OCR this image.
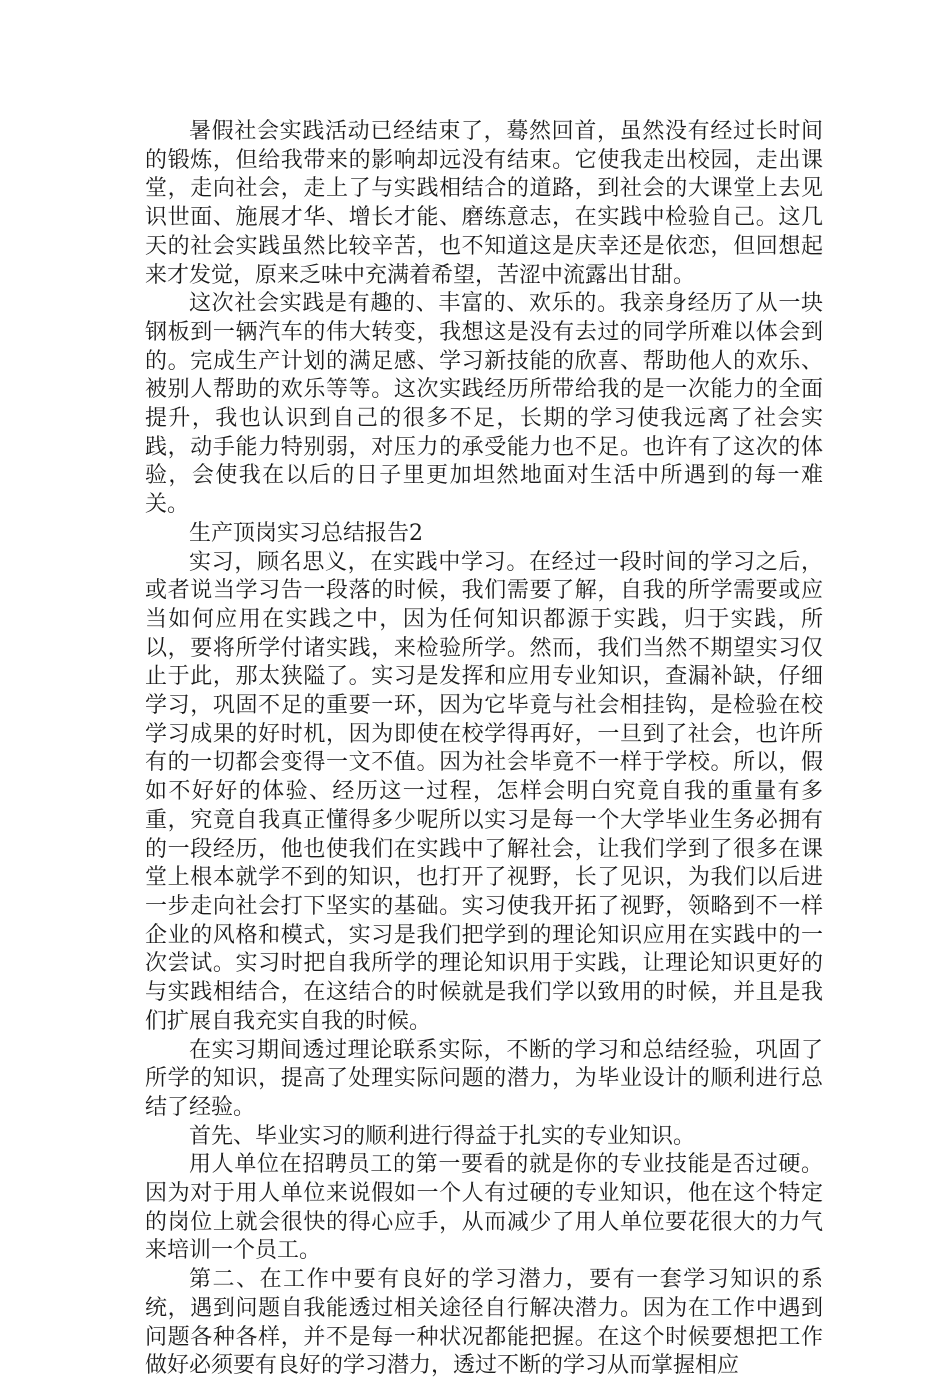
暑假社会实践活动已经结束了，蓦然回首，虽然没有经过长时间的锻炼，但给我带来的影响却远没有结束。它使我走出校园，走出课堂，走向社会，走上了与实践相结合的道路，到社会的大课堂上去见识世面、施展才华、增长才能、磨练意志，在实践中检验自己。这几天的社会实践虽然比较辛苦，也不知道这是庆幸还是依恋，但回想起来才发觉，原来乏味中充满着希望，苦涩中流露出甘甜。

这次社会实践是有趣的、丰富的、欢乐的。我亲身经历了从一块钢板到一辆汽车的伟大转变，我想这是没有去过的同学所难以体会到的。完成生产计划的满足感、学习新技能的欣喜、帮助他人的欢乐、被别人帮助的欢乐等等。这次实践经历所带给我的是一次能力的全面提升，我也认识到自己的很多不足，长期的学习使我远离了社会实践，动手能力特别弱，对压力的承受能力也不足。也许有了这次的体验，会使我在以后的日子里更加坦然地面对生活中所遇到的每一难关。

生产顶岗实习总结报告2

实习，顾名思义，在实践中学习。在经过一段时间的学习之后，或者说当学习告一段落的时候，我们需要了解，自我的所学需要或应当如何应用在实践之中，因为任何知识都源于实践，归于实践，所以，要将所学付诸实践，来检验所学。然而，我们当然不期望实习仅止于此，那太狭隘了。实习是发挥和应用专业知识，查漏补缺，仔细学习，巩固不足的重要一环，因为它毕竟与社会相挂钩，是检验在校学习成果的好时机，因为即使在校学得再好，一旦到了社会，也许所有的一切都会变得一文不值。因为社会毕竟不一样于学校。所以，假如不好好的体验、经历这一过程，怎样会明白究竟自我的重量有多重，究竟自我真正懂得多少呢所以实习是每一个大学毕业生务必拥有的一段经历，他也使我们在实践中了解社会，让我们学到了很多在课堂上根本就学不到的知识，也打开了视野，长了见识，为我们以后进一步走向社会打下坚实的基础。实习使我开拓了视野，领略到不一样企业的风格和模式，实习是我们把学到的理论知识应用在实践中的一次尝试。实习时把自我所学的理论知识用于实践，让理论知识更好的与实践相结合，在这结合的时候就是我们学以致用的时候，并且是我们扩展自我充实自我的时候。

在实习期间透过理论联系实际，不断的学习和总结经验，巩固了所学的知识，提高了处理实际问题的潜力，为毕业设计的顺利进行总结了经验。

首先、毕业实习的顺利进行得益于扎实的专业知识。

用人单位在招聘员工的第一要看的就是你的专业技能是否过硬。因为对于用人单位来说假如一个人有过硬的专业知识，他在这个特定的岗位上就会很快的得心应手，从而减少了用人单位要花很大的力气来培训一个员工。

第二、在工作中要有良好的学习潜力，要有一套学习知识的系统，遇到问题自我能透过相关途径自行解决潜力。因为在工作中遇到问题各种各样，并不是每一种状况都能把握。在这个时候要想把工作做好必须要有良好的学习潜力，透过不断的学习从而掌握相应
